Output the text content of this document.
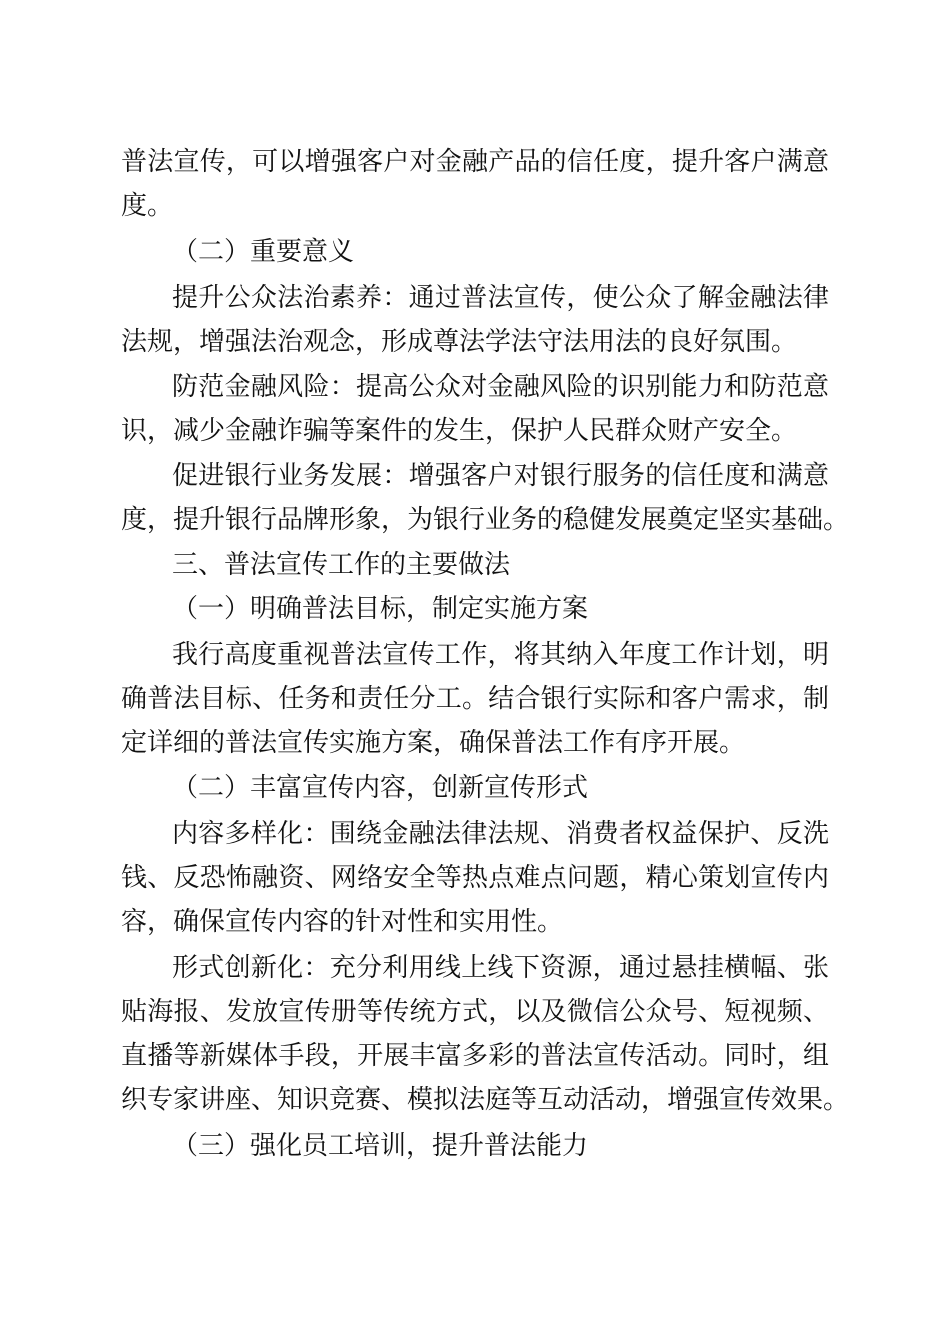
普法宣传，可以增强客户对金融产品的信任度，提升客户满意
度。
（二）重要意义
提升公众法治素养：通过普法宣传，使公众了解金融法律
法规，增强法治观念，形成尊法学法守法用法的良好氛围。
防范金融风险：提高公众对金融风险的识别能力和防范意
识，减少金融诈骗等案件的发生，保护人民群众财产安全。
促进银行业务发展：增强客户对银行服务的信任度和满意
度，提升银行品牌形象，为银行业务的稳健发展奠定坚实基础。
三、普法宣传工作的主要做法
（一）明确普法目标，制定实施方案
我行高度重视普法宣传工作，将其纳入年度工作计划，明
确普法目标、任务和责任分工。结合银行实际和客户需求，制
定详细的普法宣传实施方案，确保普法工作有序开展。
（二）丰富宣传内容，创新宣传形式
内容多样化：围绕金融法律法规、消费者权益保护、反洗
钱、反恐怖融资、网络安全等热点难点问题，精心策划宣传内
容，确保宣传内容的针对性和实用性。
形式创新化：充分利用线上线下资源，通过悬挂横幅、张
贴海报、发放宣传册等传统方式，以及微信公众号、短视频、
直播等新媒体手段，开展丰富多彩的普法宣传活动。同时，组
织专家讲座、知识竞赛、模拟法庭等互动活动，增强宣传效果。
（三）强化员工培训，提升普法能力
